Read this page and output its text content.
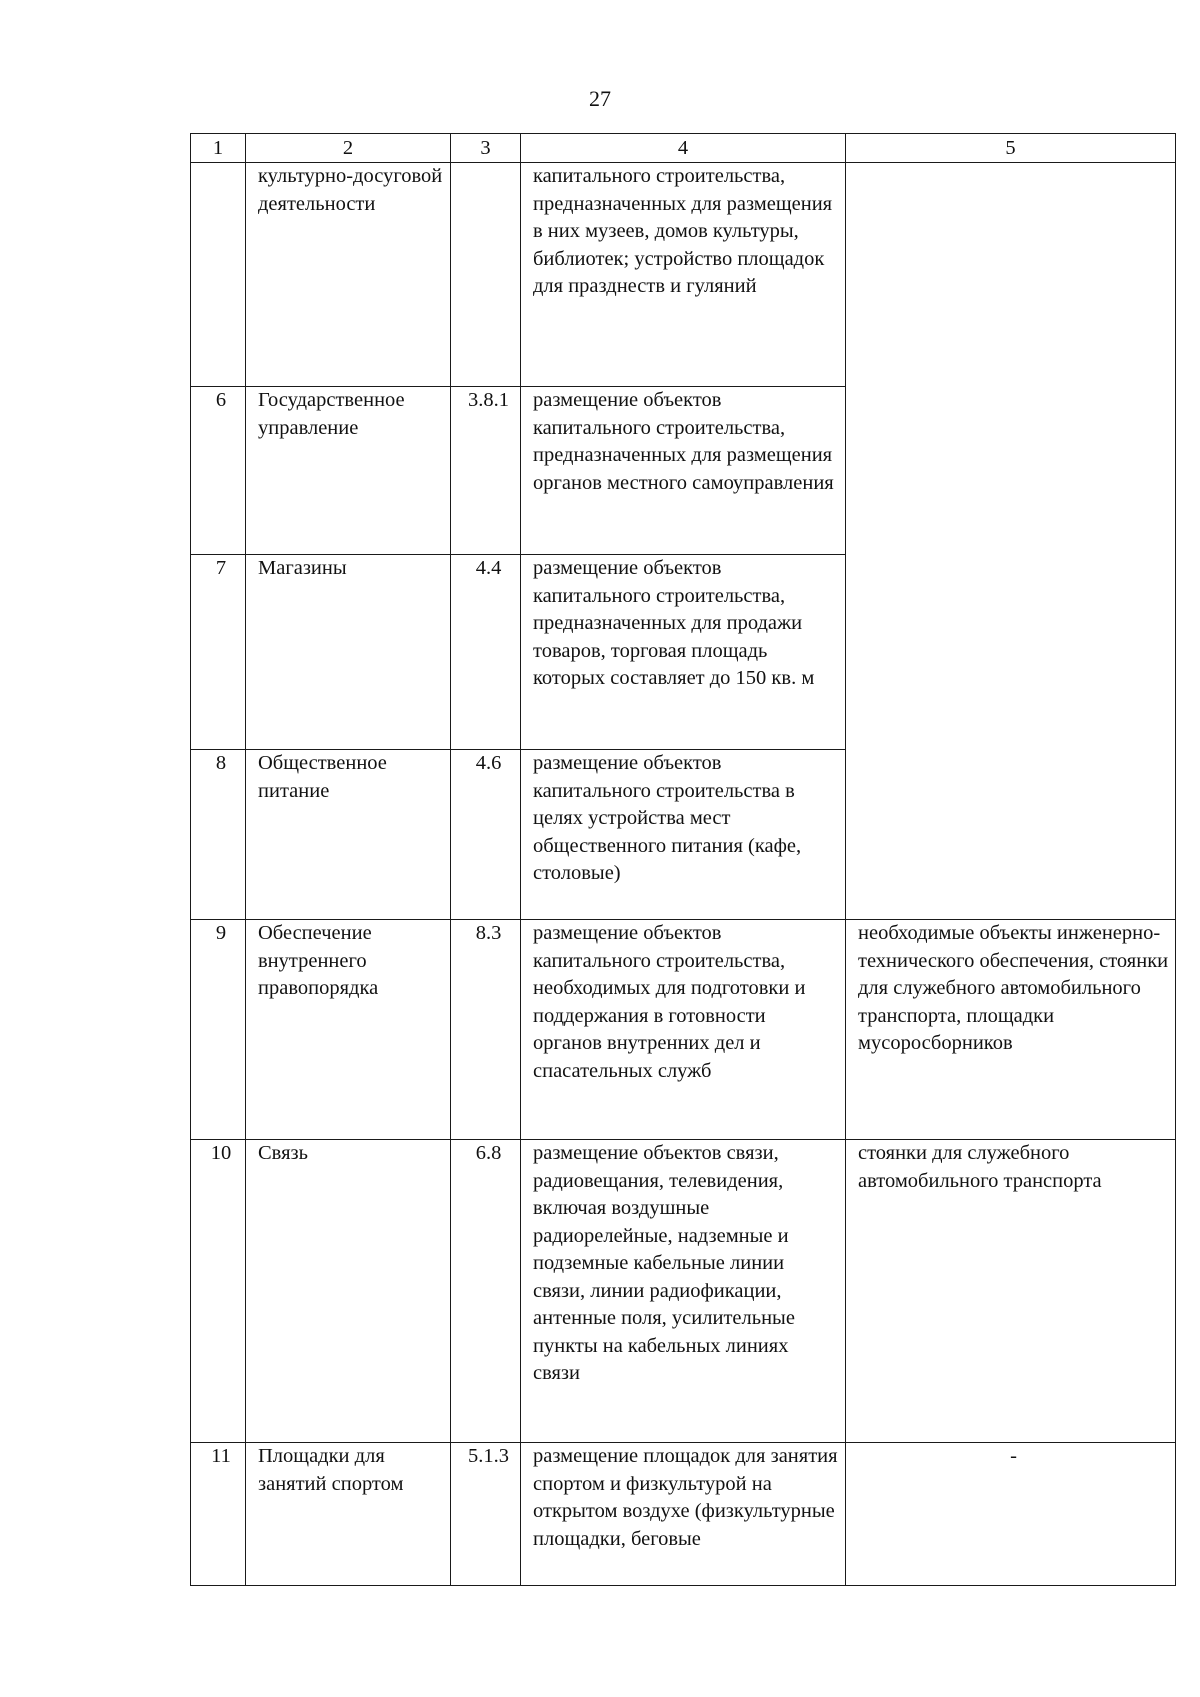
27
1	2	3	4	5
	культурно-досуговой деятельности		капитального строительства, предназначенных для размещения в них музеев, домов культуры, библиотек; устройство площадок для празднеств и гуляний	
6	Государственное управление	3.8.1	размещение объектов капитального строительства, предназначенных для размещения органов местного самоуправления	
7	Магазины	4.4	размещение объектов капитального строительства, предназначенных для продажи товаров, торговая площадь которых составляет до 150 кв. м	
8	Общественное питание	4.6	размещение объектов капитального строительства в целях устройства мест общественного питания (кафе, столовые)	
9	Обеспечение внутреннего правопорядка	8.3	размещение объектов капитального строительства, необходимых для подготовки и поддержания в готовности органов внутренних дел и спасательных служб	необходимые объекты инженерно-технического обеспечения, стоянки для служебного автомобильного транспорта, площадки мусоросборников
10	Связь	6.8	размещение объектов связи, радиовещания, телевидения, включая воздушные радиорелейные, надземные и подземные кабельные линии связи, линии радиофикации, антенные поля, усилительные пункты на кабельных линиях связи	стоянки для служебного автомобильного транспорта
11	Площадки для занятий спортом	5.1.3	размещение площадок для занятия спортом и физкультурой на открытом воздухе (физкультурные площадки, беговые	-
